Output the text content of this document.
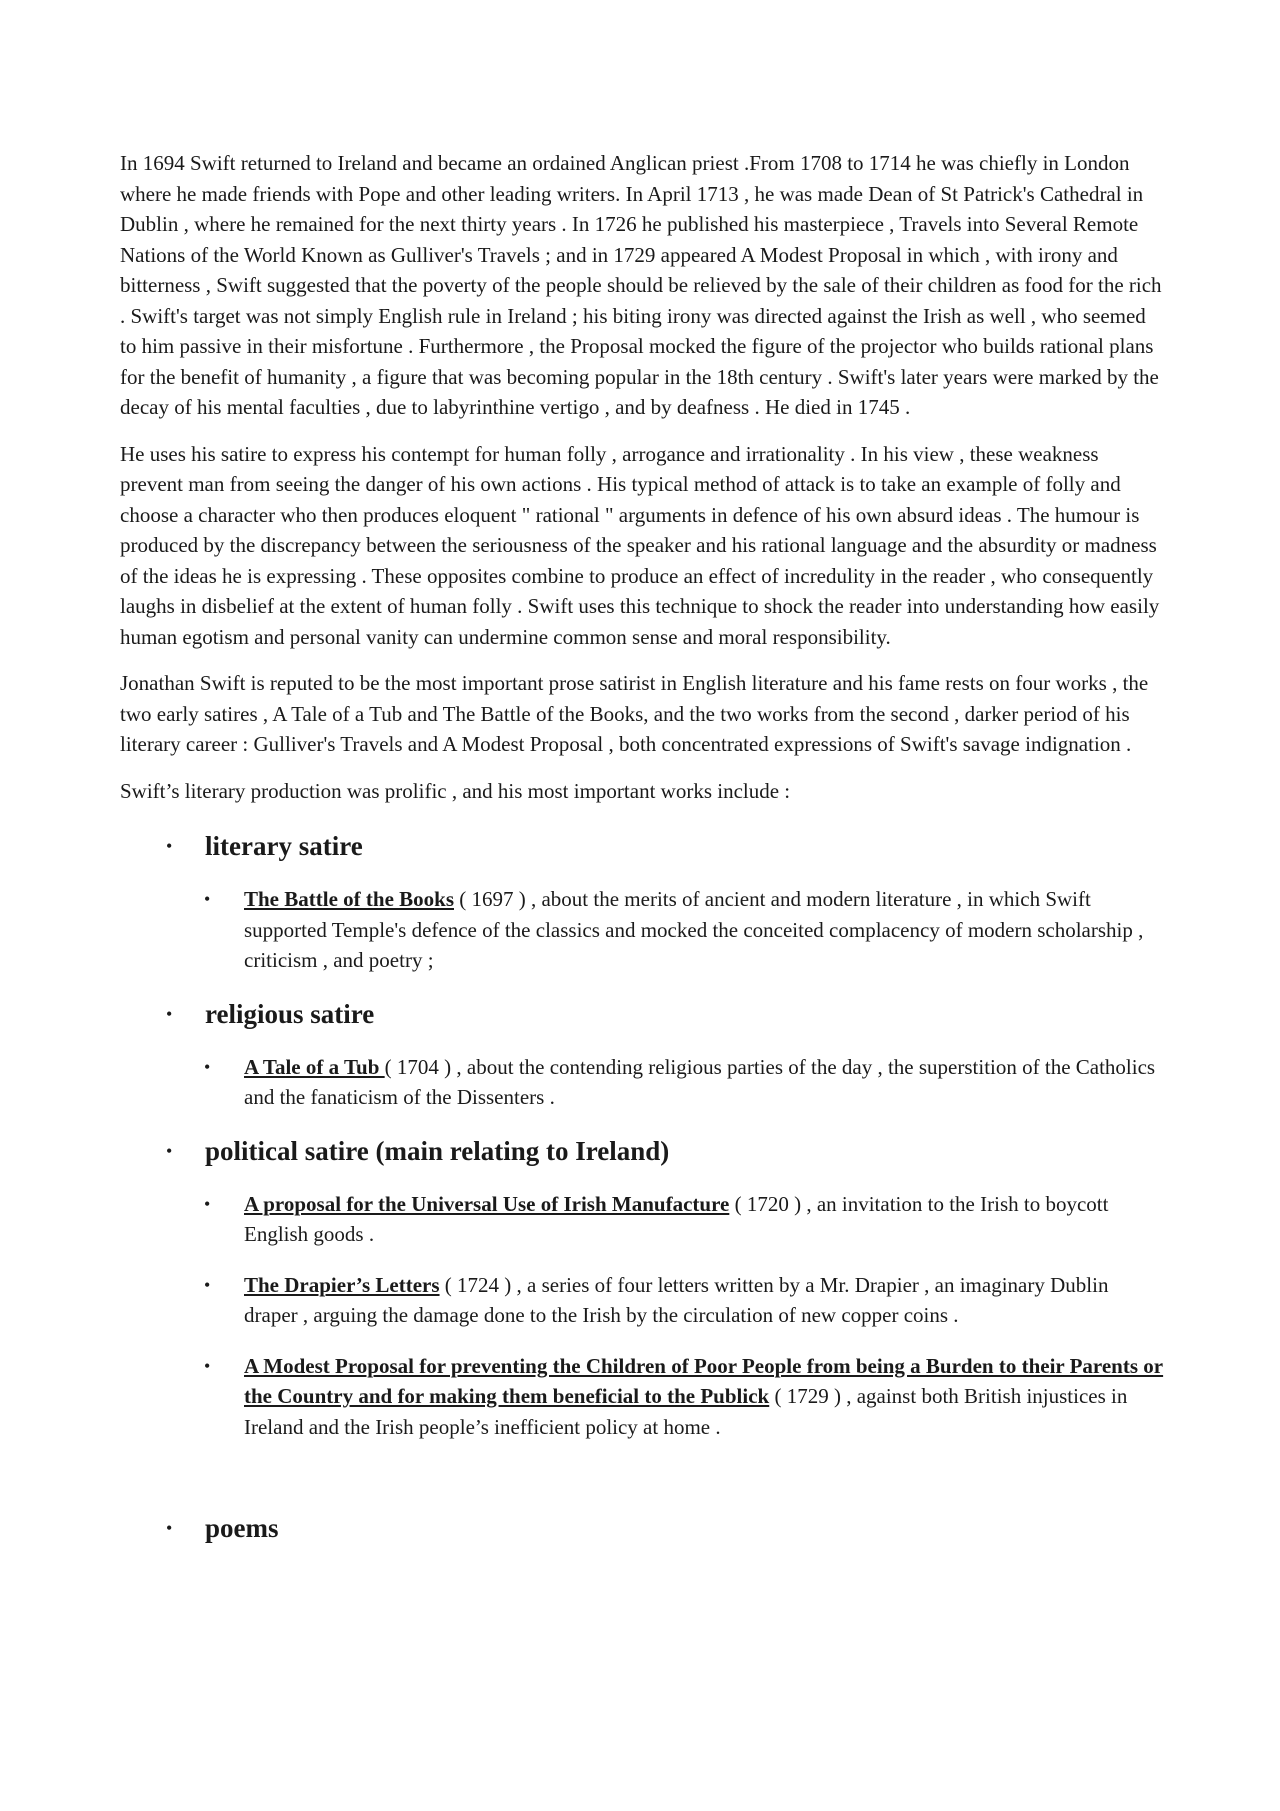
In 1694 Swift returned to Ireland and became an ordained Anglican priest .From 1708 to 1714 he was chiefly in London where he made friends with Pope and other leading writers. In April 1713 , he was made Dean of St Patrick's Cathedral in Dublin , where he remained for the next thirty years . In 1726 he published his masterpiece , Travels into Several Remote Nations of the World Known as Gulliver's Travels ; and in 1729 appeared A Modest Proposal in which , with irony and bitterness , Swift suggested that the poverty of the people should be relieved by the sale of their children as food for the rich . Swift's target was not simply English rule in Ireland ; his biting irony was directed against the Irish as well , who seemed to him passive in their misfortune . Furthermore , the Proposal mocked the figure of the projector who builds rational plans for the benefit of humanity , a figure that was becoming popular in the 18th century . Swift's later years were marked by the decay of his mental faculties , due to labyrinthine vertigo , and by deafness . He died in 1745 .

He uses his satire to express his contempt for human folly , arrogance and irrationality . In his view , these weakness prevent man from seeing the danger of his own actions . His typical method of attack is to take an example of folly and choose a character who then produces eloquent " rational " arguments in defence of his own absurd ideas . The humour is produced by the discrepancy between the seriousness of the speaker and his rational language and the absurdity or madness of the ideas he is expressing . These opposites combine to produce an effect of incredulity in the reader , who consequently laughs in disbelief at the extent of human folly . Swift uses this technique to shock the reader into understanding how easily human egotism and personal vanity can undermine common sense and moral responsibility.

Jonathan Swift is reputed to be the most important prose satirist in English literature and his fame rests on four works , the two early satires , A Tale of a Tub and The Battle of the Books, and the two works from the second , darker period of his literary career : Gulliver's Travels and A Modest Proposal , both concentrated expressions of Swift's savage indignation .

Swift’s literary production was prolific , and his most important works include :

• literary satire
• The Battle of the Books ( 1697 ) , about the merits of ancient and modern literature , in which Swift supported Temple's defence of the classics and mocked the conceited complacency of modern scholarship , criticism , and poetry ;
• religious satire
• A Tale of a Tub ( 1704 ) , about the contending religious parties of the day , the superstition of the Catholics and the fanaticism of the Dissenters .
• political satire (main relating to Ireland)
• A proposal for the Universal Use of Irish Manufacture ( 1720 ) , an invitation to the Irish to boycott English goods .
• The Drapier’s Letters ( 1724 ) , a series of four letters written by a Mr. Drapier , an imaginary Dublin draper , arguing the damage done to the Irish by the circulation of new copper coins .
• A Modest Proposal for preventing the Children of Poor People from being a Burden to their Parents or the Country and for making them beneficial to the Publick ( 1729 ) , against both British injustices in Ireland and the Irish people’s inefficient policy at home .
• poems
